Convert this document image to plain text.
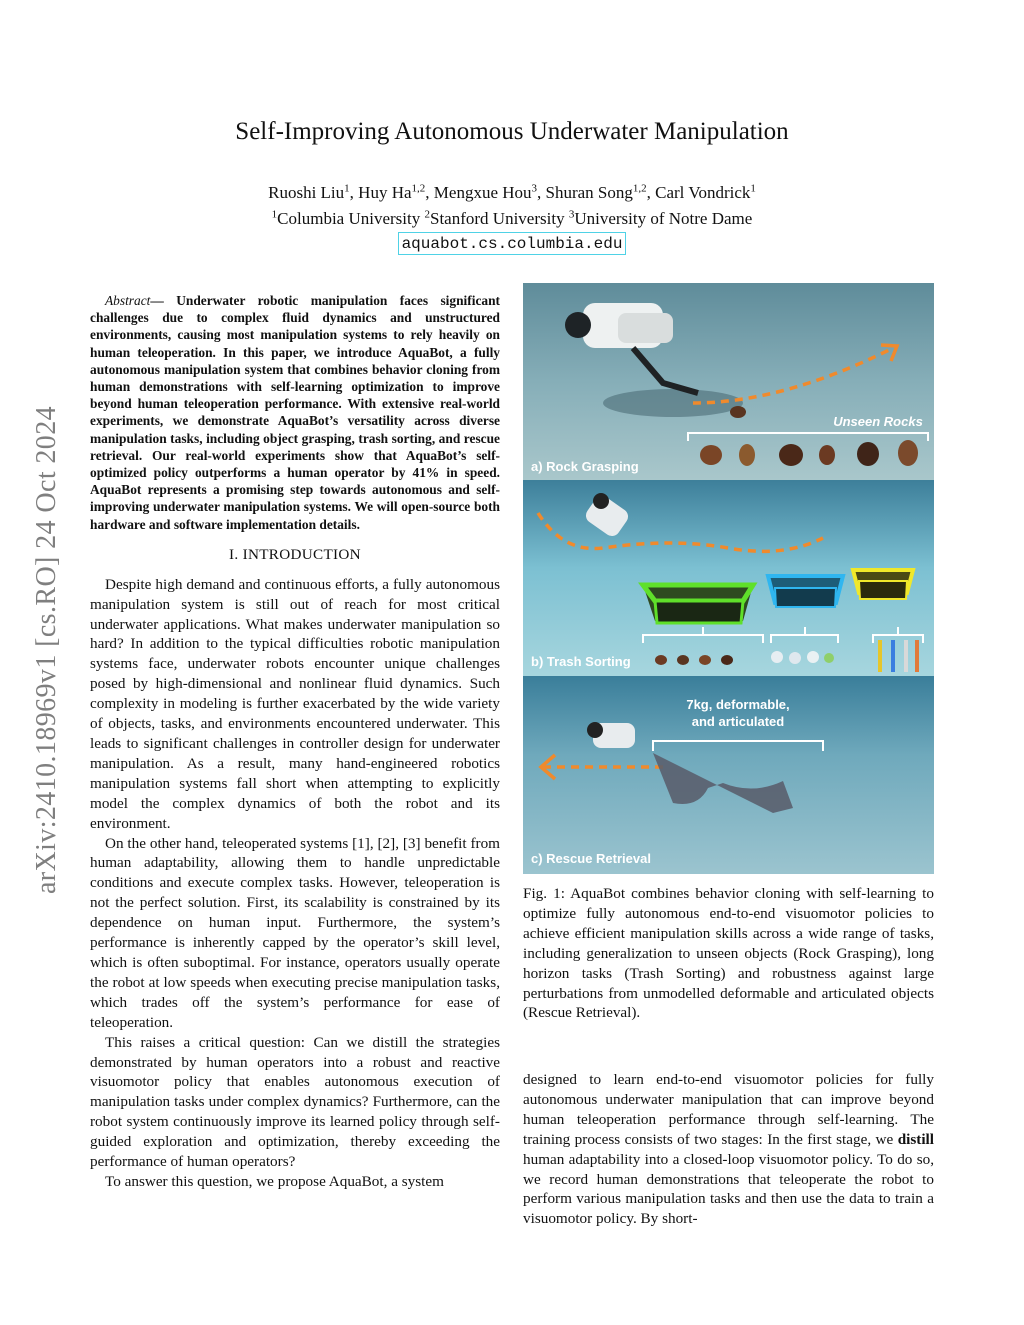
arXiv:2410.18969v1 [cs.RO] 24 Oct 2024
Self-Improving Autonomous Underwater Manipulation
Ruoshi Liu$^1$, Huy Ha$^{1,2}$, Mengxue Hou$^3$, Shuran Song$^{1,2}$, Carl Vondrick$^1$
$^1$Columbia University $^2$Stanford University $^3$University of Notre Dame
aquabot.cs.columbia.edu

Abstract— Underwater robotic manipulation faces significant challenges due to complex fluid dynamics and unstructured environments, causing most manipulation systems to rely heavily on human teleoperation. In this paper, we introduce AquaBot, a fully autonomous manipulation system that combines behavior cloning from human demonstrations with self-learning optimization to improve beyond human teleoperation performance. With extensive real-world experiments, we demonstrate AquaBot’s versatility across diverse manipulation tasks, including object grasping, trash sorting, and rescue retrieval. Our real-world experiments show that AquaBot’s self-optimized policy outperforms a human operator by 41% in speed. AquaBot represents a promising step towards autonomous and self-improving underwater manipulation systems. We will open-source both hardware and software implementation details.

I. INTRODUCTION

Despite high demand and continuous efforts, a fully autonomous manipulation system is still out of reach for most critical underwater applications. What makes underwater manipulation so hard? In addition to the typical difficulties robotic manipulation systems face, underwater robots encounter unique challenges posed by high-dimensional and nonlinear fluid dynamics. Such complexity in modeling is further exacerbated by the wide variety of objects, tasks, and environments encountered underwater. This leads to significant challenges in controller design for underwater manipulation. As a result, many hand-engineered robotics manipulation systems fall short when attempting to explicitly model the complex dynamics of both the robot and its environment.

On the other hand, teleoperated systems [1], [2], [3] benefit from human adaptability, allowing them to handle unpredictable conditions and execute complex tasks. However, teleoperation is not the perfect solution. First, its scalability is constrained by its dependence on human input. Furthermore, the system’s performance is inherently capped by the operator’s skill level, which is often suboptimal. For instance, operators usually operate the robot at low speeds when executing precise manipulation tasks, which trades off the system’s performance for ease of teleoperation.

This raises a critical question: Can we distill the strategies demonstrated by human operators into a robust and reactive visuomotor policy that enables autonomous execution of manipulation tasks under complex dynamics? Furthermore, can the robot system continuously improve its learned policy through self-guided exploration and optimization, thereby exceeding the performance of human operators?

To answer this question, we propose AquaBot, a system

Unseen Rocks
a) Rock Grasping
b) Trash Sorting
7kg, deformable,
and articulated
c) Rescue Retrieval
Fig. 1: AquaBot combines behavior cloning with self-learning to optimize fully autonomous end-to-end visuomotor policies to achieve efficient manipulation skills across a wide range of tasks, including generalization to unseen objects (Rock Grasping), long horizon tasks (Trash Sorting) and robustness against large perturbations from unmodelled deformable and articulated objects (Rescue Retrieval).
designed to learn end-to-end visuomotor policies for fully autonomous underwater manipulation that can improve beyond human teleoperation performance through self-learning. The training process consists of two stages: In the first stage, we distill human adaptability into a closed-loop visuomotor policy. To do so, we record human demonstrations that teleoperate the robot to perform various manipulation tasks and then use the data to train a visuomotor policy. By short-
